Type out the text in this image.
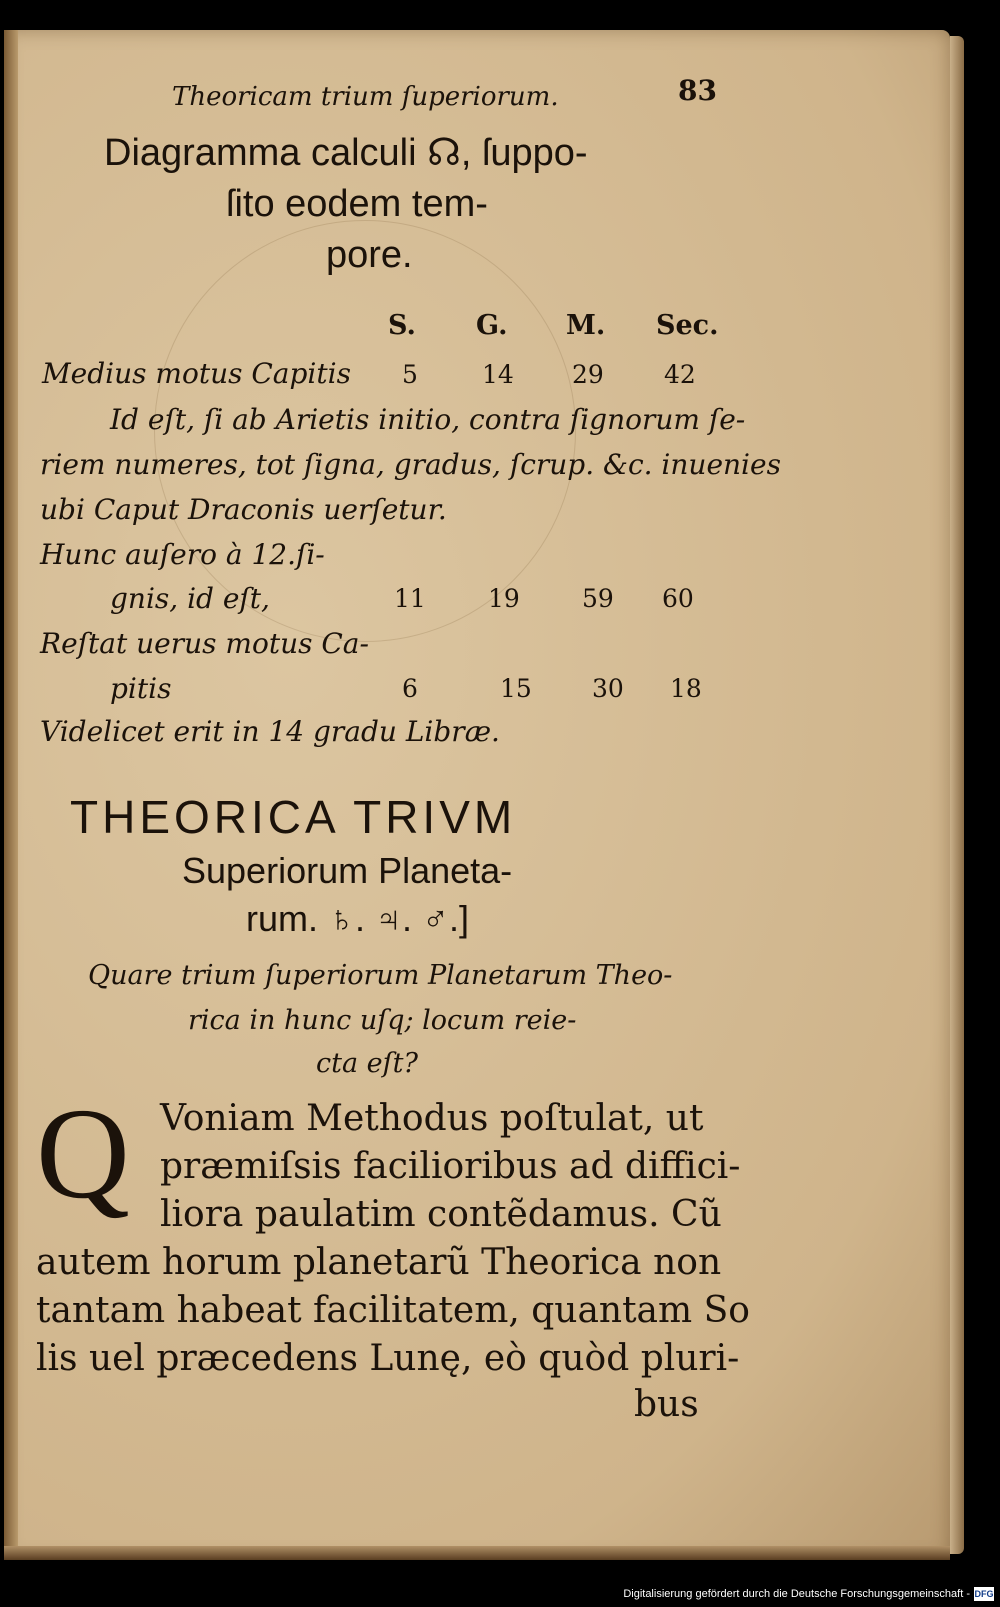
Theoricam trium ſuperiorum.	83
Diagramma calculi ☊, ſuppo-
ſito eodem tem-
pore.
S. G. M. Sec.
Medius motus Capitis 5	14 29 42
Id eſt, ſi ab Arietis initio, contra ſignorum ſe-
riem numeres, tot ſigna, gradus, ſcrup. &c. inuenies
ubi Caput Draconis uerſetur.
Hunc auſero à 12.ſi-
gnis, id eſt,	11 19 59 60
Reſtat uerus motus Ca-
pitis	6	15 30 18
Videlicet erit in 14 gradu Libræ.
THEORICA TRIVM
Superiorum Planeta-
rum. ♄. ♃. ♂.]
Quare trium ſuperiorum Planetarum Theo-
rica in hunc uſq; locum reie-
cta eſt?
Q Voniam Methodus poſtulat, ut
præmiſsis facilioribus ad diffici-
liora paulatim contẽdamus. Cũ
autem horum planetarũ Theorica non
tantam habeat facilitatem, quantam So
lis uel præcedens Lunę, eò quòd pluri-
bus
Digitalisierung gefördert durch die Deutsche Forschungsgemeinschaft - DFG
